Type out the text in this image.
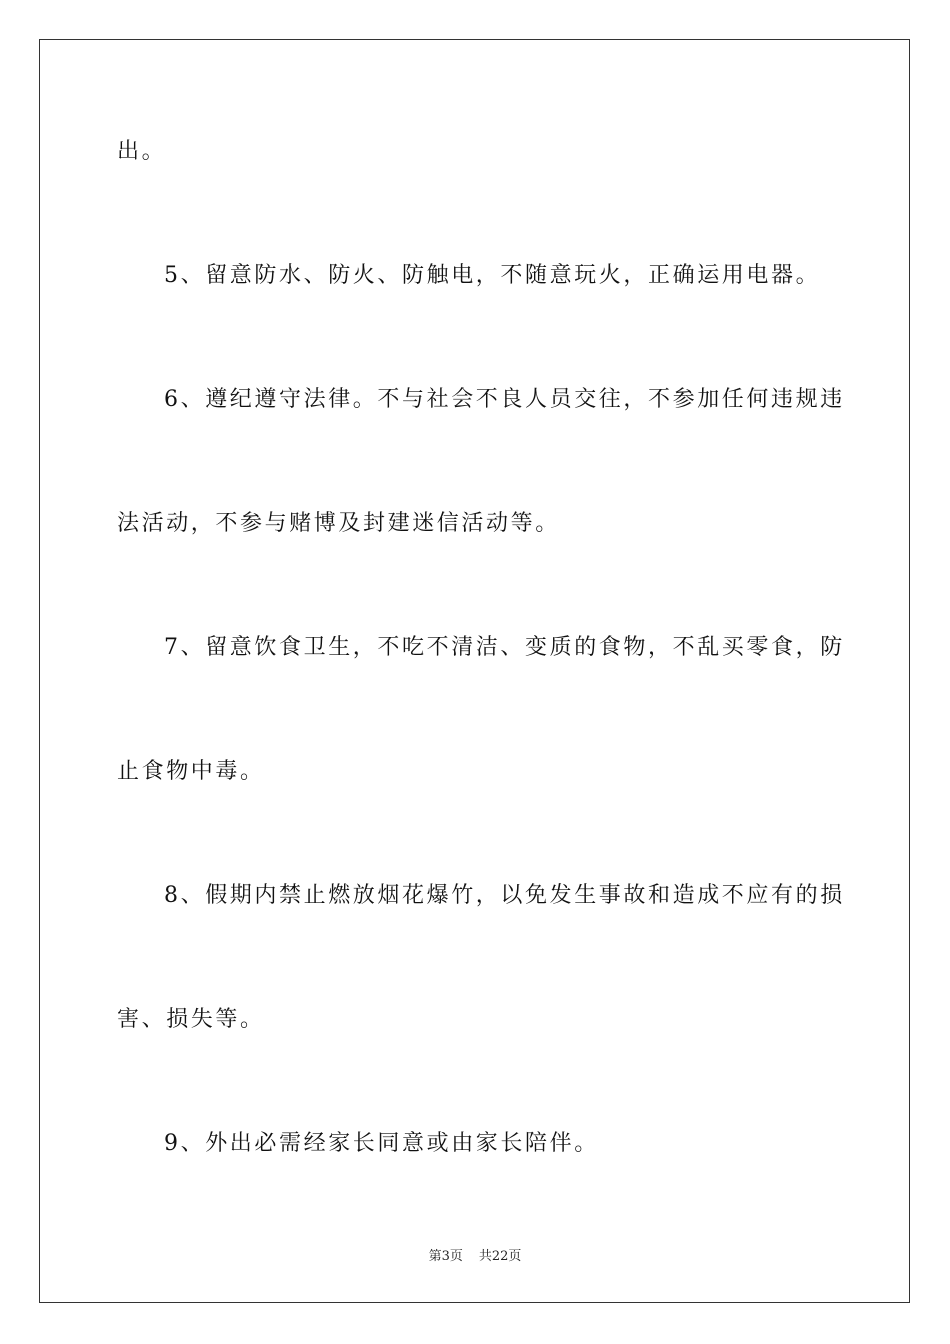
出。
5、留意防水、防火、防触电，不随意玩火，正确运用电器。
6、遵纪遵守法律。不与社会不良人员交往，不参加任何违规违
法活动，不参与赌博及封建迷信活动等。
7、留意饮食卫生，不吃不清洁、变质的食物，不乱买零食，防
止食物中毒。
8、假期内禁止燃放烟花爆竹，以免发生事故和造成不应有的损
害、损失等。
9、外出必需经家长同意或由家长陪伴。
第3页 共22页
